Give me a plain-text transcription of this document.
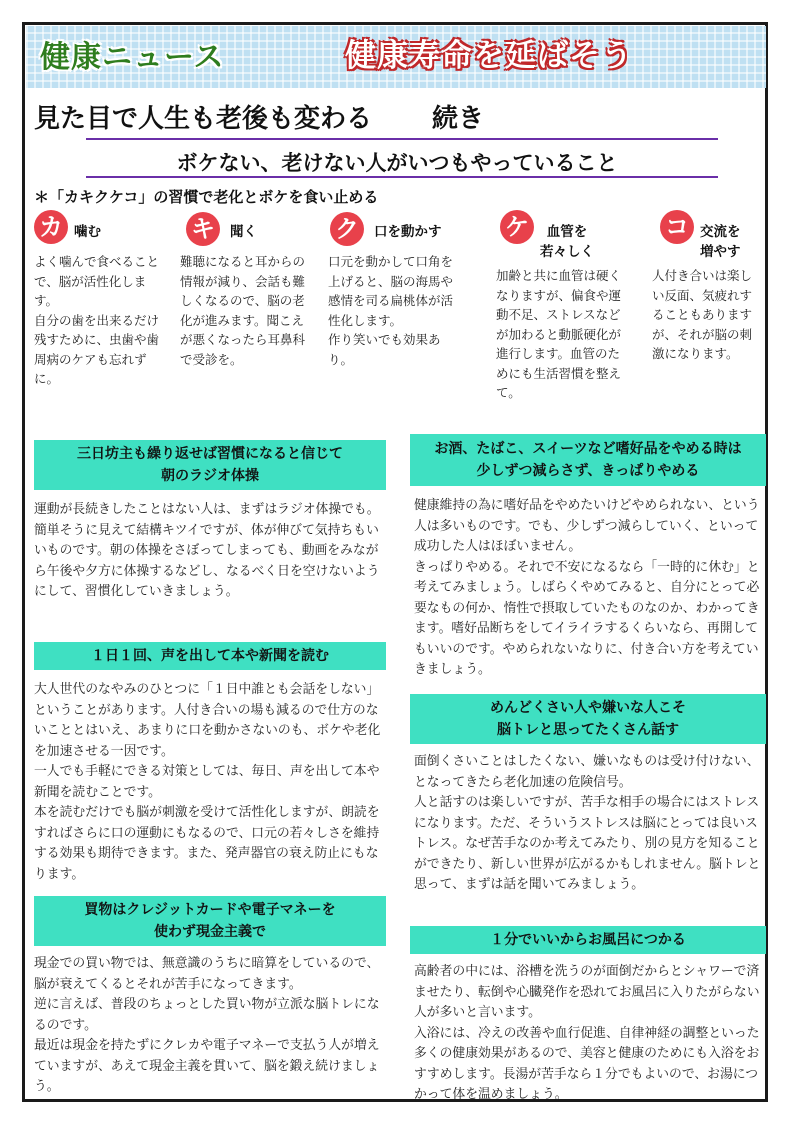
健康ニュース	健康寿命を延ばそう
見た目で人生も老後も変わる 続き
ボケない、老けない人がいつもやっていること
＊「カキクケコ」の習慣で老化とボケを食い止める
カ 噛む
よく噛んで食べることで、脳が活性化します。
自分の歯を出来るだけ残すために、虫歯や歯周病のケアも忘れずに。
キ	聞く
難聴になると耳からの情報が減り、会話も難しくなるので、脳の老化が進みます。聞こえが悪くなったら耳鼻科で受診を。
ク	口を動かす
口元を動かして口角を上げると、脳の海馬や感情を司る扁桃体が活性化します。
作り笑いでも効果あり。
ケ	血管を
若々しく
加齢と共に血管は硬くなりますが、偏食や運動不足、ストレスなどが加わると動脈硬化が進行します。血管のためにも生活習慣を整えて。
コ 交流を
増やす
人付き合いは楽しい反面、気疲れすることもありますが、それが脳の刺激になります。
三日坊主も繰り返せば習慣になると信じて
朝のラジオ体操
運動が長続きしたことはない人は、まずはラジオ体操でも。簡単そうに見えて結構キツイですが、体が伸びて気持ちもいいものです。朝の体操をさぼってしまっても、動画をみながら午後や夕方に体操するなどし、なるべく日を空けないようにして、習慣化していきましょう。
１日１回、声を出して本や新聞を読む
大人世代のなやみのひとつに「１日中誰とも会話をしない」ということがあります。人付き合いの場も減るので仕方のないこととはいえ、あまりに口を動かさないのも、ボケや老化を加速させる一因です。
一人でも手軽にできる対策としては、毎日、声を出して本や新聞を読むことです。
本を読むだけでも脳が刺激を受けて活性化しますが、朗読をすればさらに口の運動にもなるので、口元の若々しさを維持する効果も期待できます。また、発声器官の衰え防止にもなります。
買物はクレジットカードや電子マネーを
使わず現金主義で
現金での買い物では、無意識のうちに暗算をしているので、脳が衰えてくるとそれが苦手になってきます。
逆に言えば、普段のちょっとした買い物が立派な脳トレになるのです。
最近は現金を持たずにクレカや電子マネーで支払う人が増えていますが、あえて現金主義を貫いて、脳を鍛え続けましょう。
お酒、たばこ、スイーツなど嗜好品をやめる時は
少しずつ減らさず、きっぱりやめる
健康維持の為に嗜好品をやめたいけどやめられない、という人は多いものです。でも、少しずつ減らしていく、といって成功した人はほぼいません。
きっぱりやめる。それで不安になるなら「一時的に休む」と考えてみましょう。しばらくやめてみると、自分にとって必要なもの何か、惰性で摂取していたものなのか、わかってきます。嗜好品断ちをしてイライラするくらいなら、再開してもいいのです。やめられないなりに、付き合い方を考えていきましょう。
めんどくさい人や嫌いな人こそ
脳トレと思ってたくさん話す
面倒くさいことはしたくない、嫌いなものは受け付けない、となってきたら老化加速の危険信号。
人と話すのは楽しいですが、苦手な相手の場合にはストレスになります。ただ、そういうストレスは脳にとっては良いストレス。なぜ苦手なのか考えてみたり、別の見方を知ることができたり、新しい世界が広がるかもしれません。脳トレと思って、まずは話を聞いてみましょう。
１分でいいからお風呂につかる
高齢者の中には、浴槽を洗うのが面倒だからとシャワーで済ませたり、転倒や心臓発作を恐れてお風呂に入りたがらない人が多いと言います。
入浴には、冷えの改善や血行促進、自律神経の調整といった多くの健康効果があるので、美容と健康のためにも入浴をおすすめします。長湯が苦手なら１分でもよいので、お湯につかって体を温めましょう。
